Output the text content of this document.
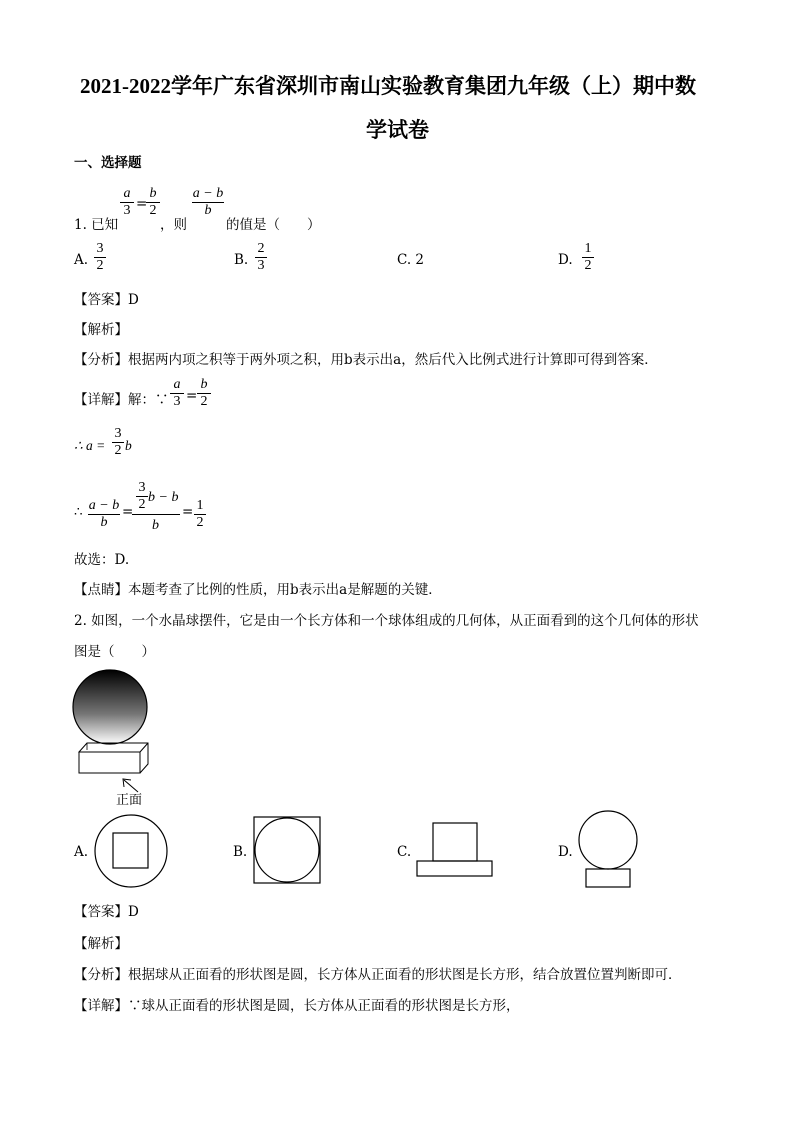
2021-2022学年广东省深圳市南山实验教育集团九年级（上）期中数
学试卷
一、选择题
a
3 =
b
2
a − b
b
1. 已知	，则	的值是（　　）
A.
3
2	B.
2
3	C. 2	D.
1
2
【答案】D
【解析】
【分析】根据两内项之积等于两外项之积，用b表示出a，然后代入比例式进行计算即可得到答案．
【详解】解：∵
a
3 =
b
2
∴ a =
3
2 b
∴ a − b
b
=
3
2 b − b
b
= 1
2
故选：D.
【点睛】本题考查了比例的性质，用b表示出a是解题的关键．
2. 如图，一个水晶球摆件，它是由一个长方体和一个球体组成的几何体，从正面看到的这个几何体的形状
图是（　　）
正面
A.	B.	C.	D.
【答案】D
【解析】
【分析】根据球从正面看的形状图是圆，长方体从正面看的形状图是长方形，结合放置位置判断即可．
【详解】∵球从正面看的形状图是圆，长方体从正面看的形状图是长方形，
